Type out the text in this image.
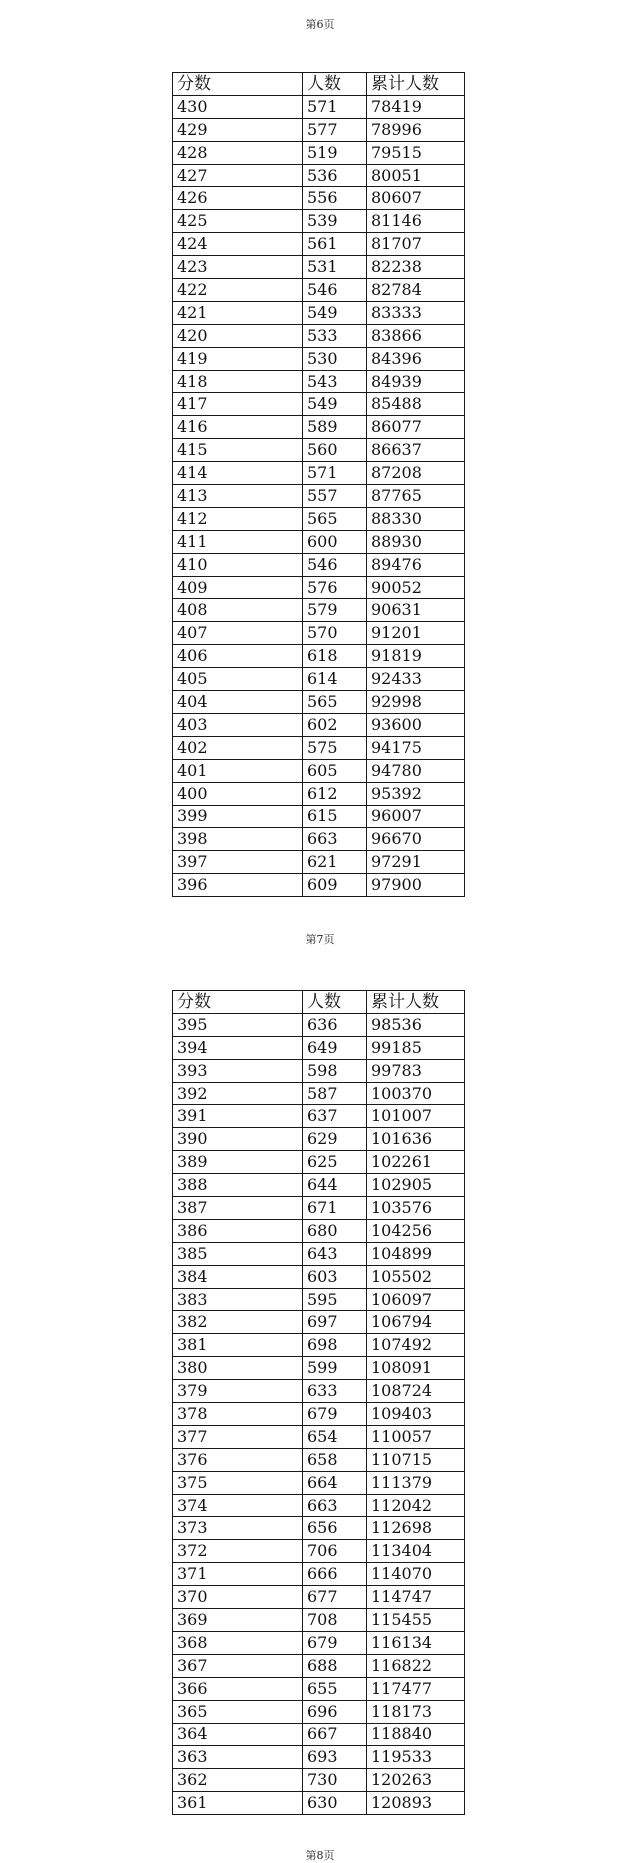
第6页
分数	人数	累计人数
430	571	78419
429	577	78996
428	519	79515
427	536	80051
426	556	80607
425	539	81146
424	561	81707
423	531	82238
422	546	82784
421	549	83333
420	533	83866
419	530	84396
418	543	84939
417	549	85488
416	589	86077
415	560	86637
414	571	87208
413	557	87765
412	565	88330
411	600	88930
410	546	89476
409	576	90052
408	579	90631
407	570	91201
406	618	91819
405	614	92433
404	565	92998
403	602	93600
402	575	94175
401	605	94780
400	612	95392
399	615	96007
398	663	96670
397	621	97291
396	609	97900
第7页
分数	人数	累计人数
395	636	98536
394	649	99185
393	598	99783
392	587	100370
391	637	101007
390	629	101636
389	625	102261
388	644	102905
387	671	103576
386	680	104256
385	643	104899
384	603	105502
383	595	106097
382	697	106794
381	698	107492
380	599	108091
379	633	108724
378	679	109403
377	654	110057
376	658	110715
375	664	111379
374	663	112042
373	656	112698
372	706	113404
371	666	114070
370	677	114747
369	708	115455
368	679	116134
367	688	116822
366	655	117477
365	696	118173
364	667	118840
363	693	119533
362	730	120263
361	630	120893
第8页
